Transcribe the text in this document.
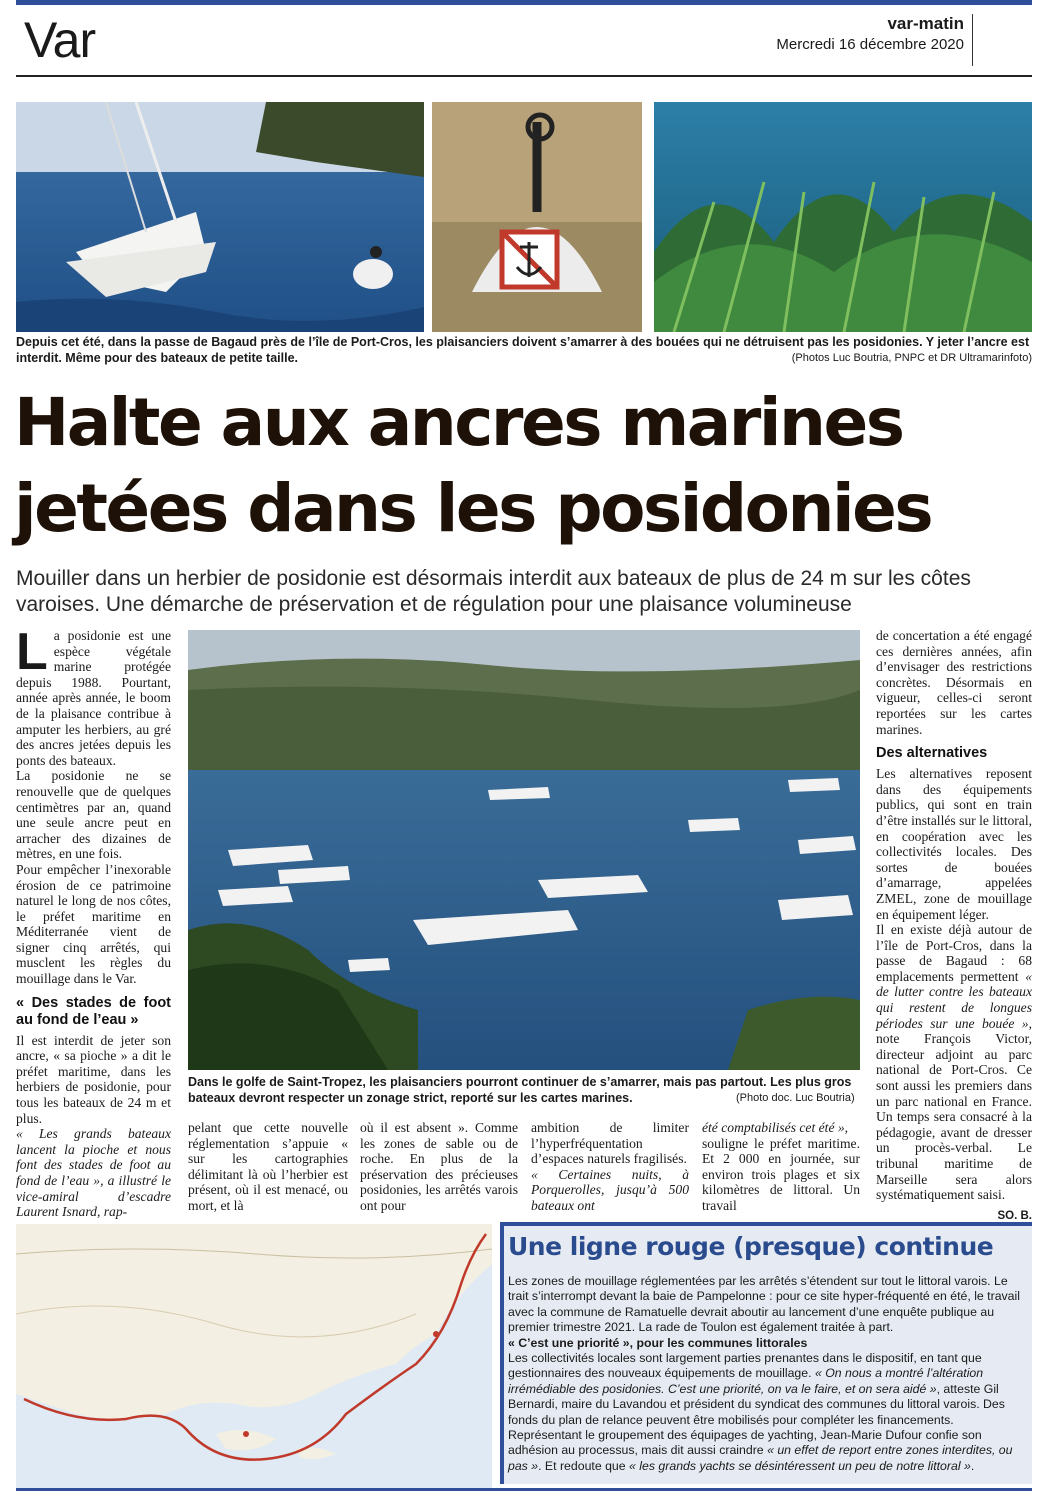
Var	var-matin
Mercredi 16 décembre 2020
Depuis cet été, dans la passe de Bagaud près de l’île de Port-Cros, les plaisanciers doivent s’amarrer à des bouées qui ne détruisent pas les posidonies. Y jeter l’ancre est interdit. Même pour des bateaux de petite taille.	(Photos Luc Boutria, PNPC et DR Ultramarinfoto)
Halte aux ancres marines
jetées dans les posidonies
Mouiller dans un herbier de posidonie est désormais interdit aux bateaux de plus de 24 m sur les côtes varoises. Une démarche de préservation et de régulation pour une plaisance volumineuse
L a posidonie est une espèce végétale marine protégée depuis 1988. Pourtant, année après année, le boom de la plaisance contribue à amputer les herbiers, au gré des ancres jetées depuis les ponts des bateaux.

La posidonie ne se renouvelle que de quelques centimètres par an, quand une seule ancre peut en arracher des dizaines de mètres, en une fois.

Pour empêcher l’inexorable érosion de ce patrimoine naturel le long de nos côtes, le préfet maritime en Méditerranée vient de signer cinq arrêtés, qui musclent les règles du mouillage dans le Var.

« Des stades de foot au fond de l’eau »

Il est interdit de jeter son ancre, « sa pioche » a dit le préfet maritime, dans les herbiers de posidonie, pour tous les bateaux de 24 m et plus.

« Les grands bateaux lancent la pioche et nous font des stades de foot au fond de l’eau », a illustré le vice-amiral d’escadre Laurent Isnard, rap-

Dans le golfe de Saint-Tropez, les plaisanciers pourront continuer de s’amarrer, mais pas partout. Les plus gros bateaux devront respecter un zonage strict, reporté sur les cartes marines.	(Photo doc. Luc Boutria)

pelant que cette nouvelle réglementation s’appuie « sur les cartographies délimitant là où l’herbier est présent, où il est menacé, ou mort, et là

où il est absent ». Comme les zones de sable ou de roche. En plus de la préservation des précieuses posidonies, les arrêtés varois ont pour

ambition de limiter l’hyperfréquentation d’espaces naturels fragilisés.

« Certaines nuits, à Porquerolles, jusqu’à 500 bateaux ont

été comptabilisés cet été »,

souligne le préfet maritime. Et 2 000 en journée, sur environ trois plages et six kilomètres de littoral. Un travail

de concertation a été engagé ces dernières années, afin d’envisager des restrictions concrètes. Désormais en vigueur, celles-ci seront reportées sur les cartes marines.

Des alternatives

Les alternatives reposent dans des équipements publics, qui sont en train d’être installés sur le littoral, en coopération avec les collectivités locales. Des sortes de bouées d’amarrage, appelées ZMEL, zone de mouillage en équipement léger.

Il en existe déjà autour de l’île de Port-Cros, dans la passe de Bagaud : 68 emplacements permettent « de lutter contre les bateaux qui restent de longues périodes sur une bouée », note François Victor, directeur adjoint au parc national de Port-Cros. Ce sont aussi les premiers dans un parc national en France. Un temps sera consacré à la pédagogie, avant de dresser un procès-verbal. Le tribunal maritime de Marseille sera alors systématiquement saisi.

SO. B.
Une ligne rouge (presque) continue

Les zones de mouillage réglementées par les arrêtés s’étendent sur tout le littoral varois. Le trait s’interrompt devant la baie de Pampelonne : pour ce site hyper-fréquenté en été, le travail avec la commune de Ramatuelle devrait aboutir au lancement d’une enquête publique au premier trimestre 2021. La rade de Toulon est également traitée à part.

« C’est une priorité », pour les communes littorales

Les collectivités locales sont largement parties prenantes dans le dispositif, en tant que gestionnaires des nouveaux équipements de mouillage. « On nous a montré l’altération irrémédiable des posidonies. C’est une priorité, on va le faire, et on sera aidé », atteste Gil Bernardi, maire du Lavandou et président du syndicat des communes du littoral varois. Des fonds du plan de relance peuvent être mobilisés pour compléter les financements.

Représentant le groupement des équipages de yachting, Jean-Marie Dufour confie son adhésion au processus, mais dit aussi craindre « un effet de report entre zones interdites, ou pas ». Et redoute que « les grands yachts se désintéressent un peu de notre littoral ».
